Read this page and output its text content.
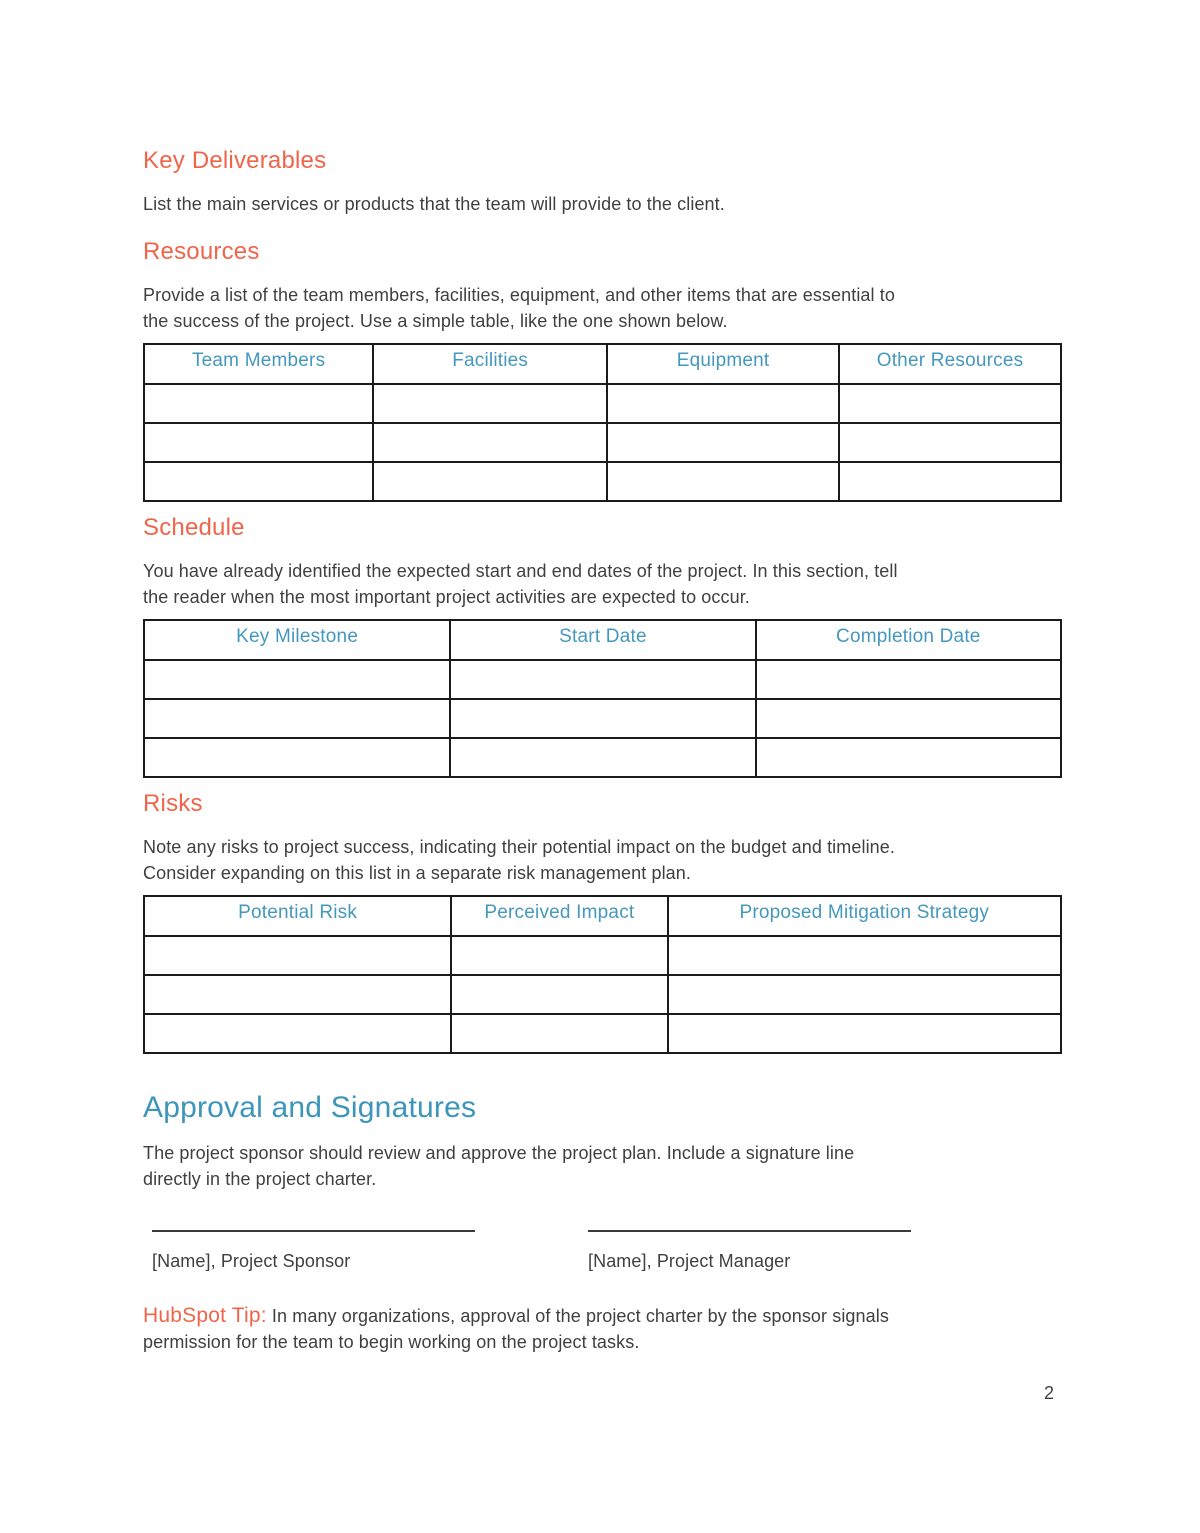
Key Deliverables

List the main services or products that the team will provide to the client.

Resources

Provide a list of the team members, facilities, equipment, and other items that are essential to
the success of the project. Use a simple table, like the one shown below.

Team Members	Facilities	Equipment	Other Resources

Schedule

You have already identified the expected start and end dates of the project. In this section, tell
the reader when the most important project activities are expected to occur.

Key Milestone	Start Date	Completion Date

Risks

Note any risks to project success, indicating their potential impact on the budget and timeline.
Consider expanding on this list in a separate risk management plan.

Potential Risk	Perceived Impact	Proposed Mitigation Strategy

Approval and Signatures

The project sponsor should review and approve the project plan. Include a signature line
directly in the project charter.

[Name], Project Sponsor	[Name], Project Manager

HubSpot Tip: In many organizations, approval of the project charter by the sponsor signals
permission for the team to begin working on the project tasks.

2
